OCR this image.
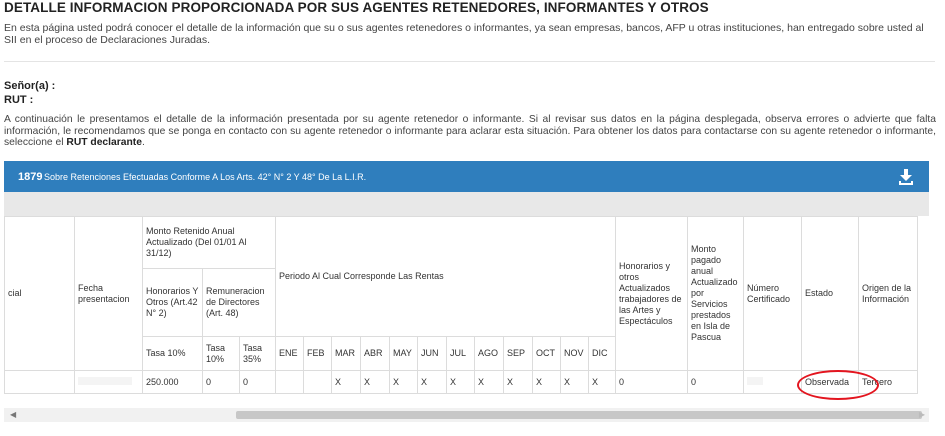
DETALLE INFORMACION PROPORCIONADA POR SUS AGENTES RETENEDORES, INFORMANTES Y OTROS
En esta página usted podrá conocer el detalle de la información que su o sus agentes retenedores o informantes, ya sean empresas, bancos, AFP u otras instituciones, han entregado sobre usted al SII en el proceso de Declaraciones Juradas.
Señor(a) :
RUT :
A continuación le presentamos el detalle de la información presentada por su agente retenedor o informante. Si al revisar sus datos en la página desplegada, observa errores o advierte que falta información, le recomendamos que se ponga en contacto con su agente retenedor o informante para aclarar esta situación. Para obtener los datos para contactarse con su agente retenedor o informante, seleccione el RUT declarante.
1879 Sobre Retenciones Efectuadas Conforme A Los Arts. 42° N° 2 Y 48° De La L.I.R.
cial	Fecha presentacion	Monto Retenido Anual Actualizado (Del 01/01 Al 31/12)			Periodo Al Cual Corresponde Las Rentas												Honorarios y otros Actualizados trabajadores de las Artes y Espectáculos	Monto pagado anual Actualizado por Servicios prestados en Isla de Pascua	Número Certificado	Estado	Origen de la Información
		Honorarios Y Otros (Art.42 N° 2)	Remuneracion de Directores (Art. 48)																		
		Tasa 10%	Tasa 10%	Tasa 35%	ENE	FEB	MAR	ABR	MAY	JUN	JUL	AGO	SEP	OCT	NOV	DIC					
		250.000	0	0			X	X	X	X	X	X	X	X	X	X	0	0		Observada	Tercero
◀	▶
